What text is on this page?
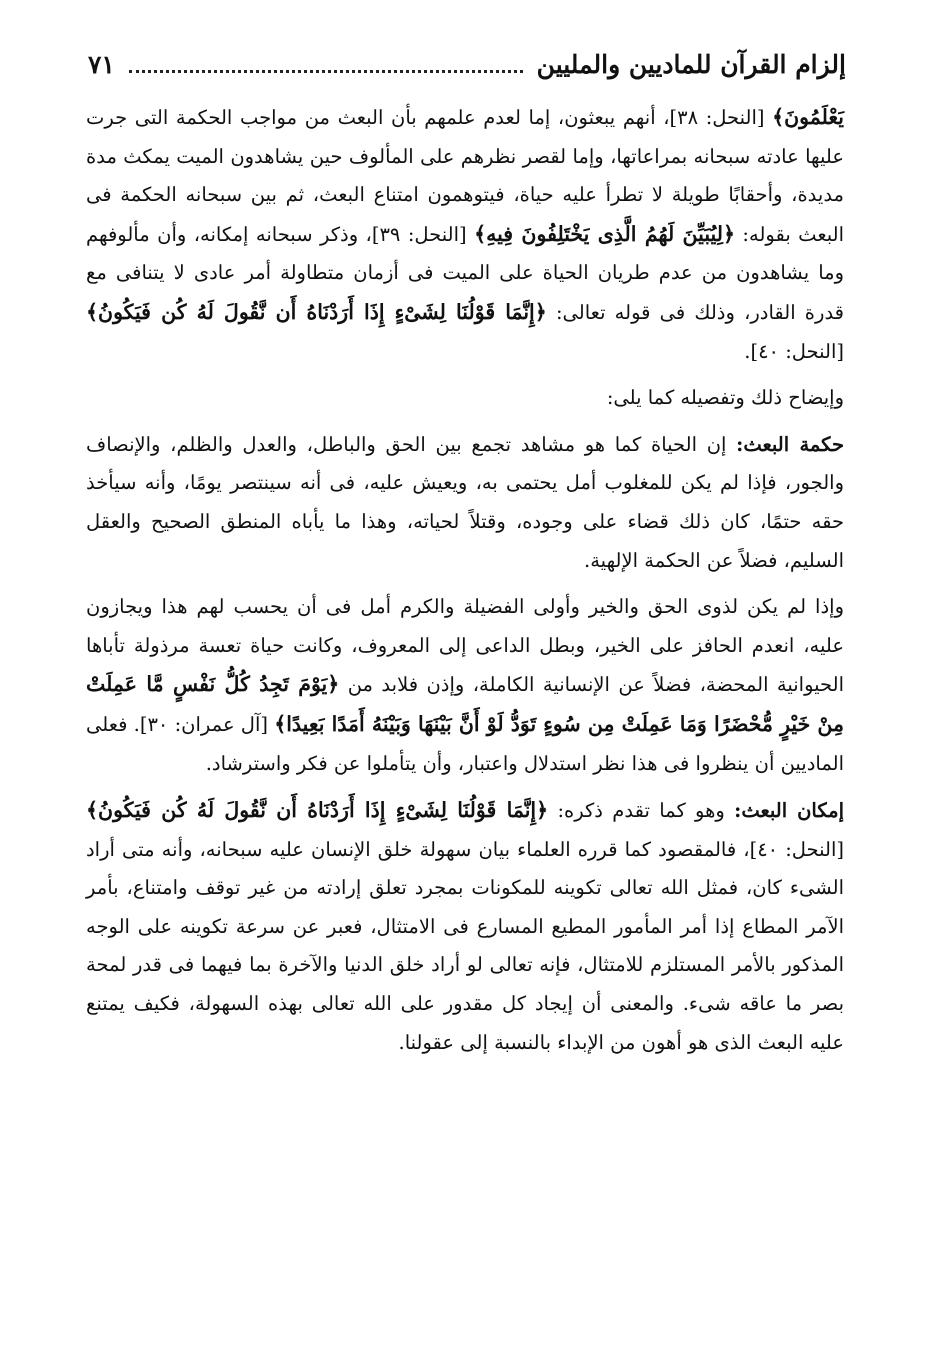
إلزام القرآن للماديين والمليين
٧١

يَعْلَمُونَ﴾ [النحل: ٣٨]، أنهم يبعثون، إما لعدم علمهم بأن البعث من مواجب الحكمة التى جرت عليها عادته سبحانه بمراعاتها، وإما لقصر نظرهم على المألوف حين يشاهدون الميت يمكث مدة مديدة، وأحقابًا طويلة لا تطرأ عليه حياة، فيتوهمون امتناع البعث، ثم بين سبحانه الحكمة فى البعث بقوله: ﴿لِيُبَيِّنَ لَهُمُ الَّذِى يَخْتَلِفُونَ فِيهِ﴾ [النحل: ٣٩]، وذكر سبحانه إمكانه، وأن مألوفهم وما يشاهدون من عدم طريان الحياة على الميت فى أزمان متطاولة أمر عادى لا يتنافى مع قدرة القادر، وذلك فى قوله تعالى: ﴿إِنَّمَا قَوْلُنَا لِشَىْءٍ إِذَا أَرَدْنَاهُ أَن نَّقُولَ لَهُ كُن فَيَكُونُ﴾ [النحل: ٤٠].

وإيضاح ذلك وتفصيله كما يلى:

حكمة البعث: إن الحياة كما هو مشاهد تجمع بين الحق والباطل، والعدل والظلم، والإنصاف والجور، فإذا لم يكن للمغلوب أمل يحتمى به، ويعيش عليه، فى أنه سينتصر يومًا، وأنه سيأخذ حقه حتمًا، كان ذلك قضاء على وجوده، وقتلاً لحياته، وهذا ما يأباه المنطق الصحيح والعقل السليم، فضلاً عن الحكمة الإلهية.

وإذا لم يكن لذوى الحق والخير وأولى الفضيلة والكرم أمل فى أن يحسب لهم هذا ويجازون عليه، انعدم الحافز على الخير، وبطل الداعى إلى المعروف، وكانت حياة تعسة مرذولة تأباها الحيوانية المحضة، فضلاً عن الإنسانية الكاملة، وإذن فلابد من ﴿يَوْمَ تَجِدُ كُلُّ نَفْسٍ مَّا عَمِلَتْ مِنْ خَيْرٍ مُّحْضَرًا وَمَا عَمِلَتْ مِن سُوءٍ تَوَدُّ لَوْ أَنَّ بَيْنَهَا وَبَيْنَهُ أَمَدًا بَعِيدًا﴾ [آل عمران: ٣٠]. فعلى الماديين أن ينظروا فى هذا نظر استدلال واعتبار، وأن يتأملوا عن فكر واسترشاد.

إمكان البعث: وهو كما تقدم ذكره: ﴿إِنَّمَا قَوْلُنَا لِشَىْءٍ إِذَا أَرَدْنَاهُ أَن نَّقُولَ لَهُ كُن فَيَكُونُ﴾ [النحل: ٤٠]، فالمقصود كما قرره العلماء بيان سهولة خلق الإنسان عليه سبحانه، وأنه متى أراد الشىء كان، فمثل الله تعالى تكوينه للمكونات بمجرد تعلق إرادته من غير توقف وامتناع، بأمر الآمر المطاع إذا أمر المأمور المطيع المسارع فى الامتثال، فعبر عن سرعة تكوينه على الوجه المذكور بالأمر المستلزم للامتثال، فإنه تعالى لو أراد خلق الدنيا والآخرة بما فيهما فى قدر لمحة بصر ما عاقه شىء. والمعنى أن إيجاد كل مقدور على الله تعالى بهذه السهولة، فكيف يمتنع عليه البعث الذى هو أهون من الإبداء بالنسبة إلى عقولنا.
